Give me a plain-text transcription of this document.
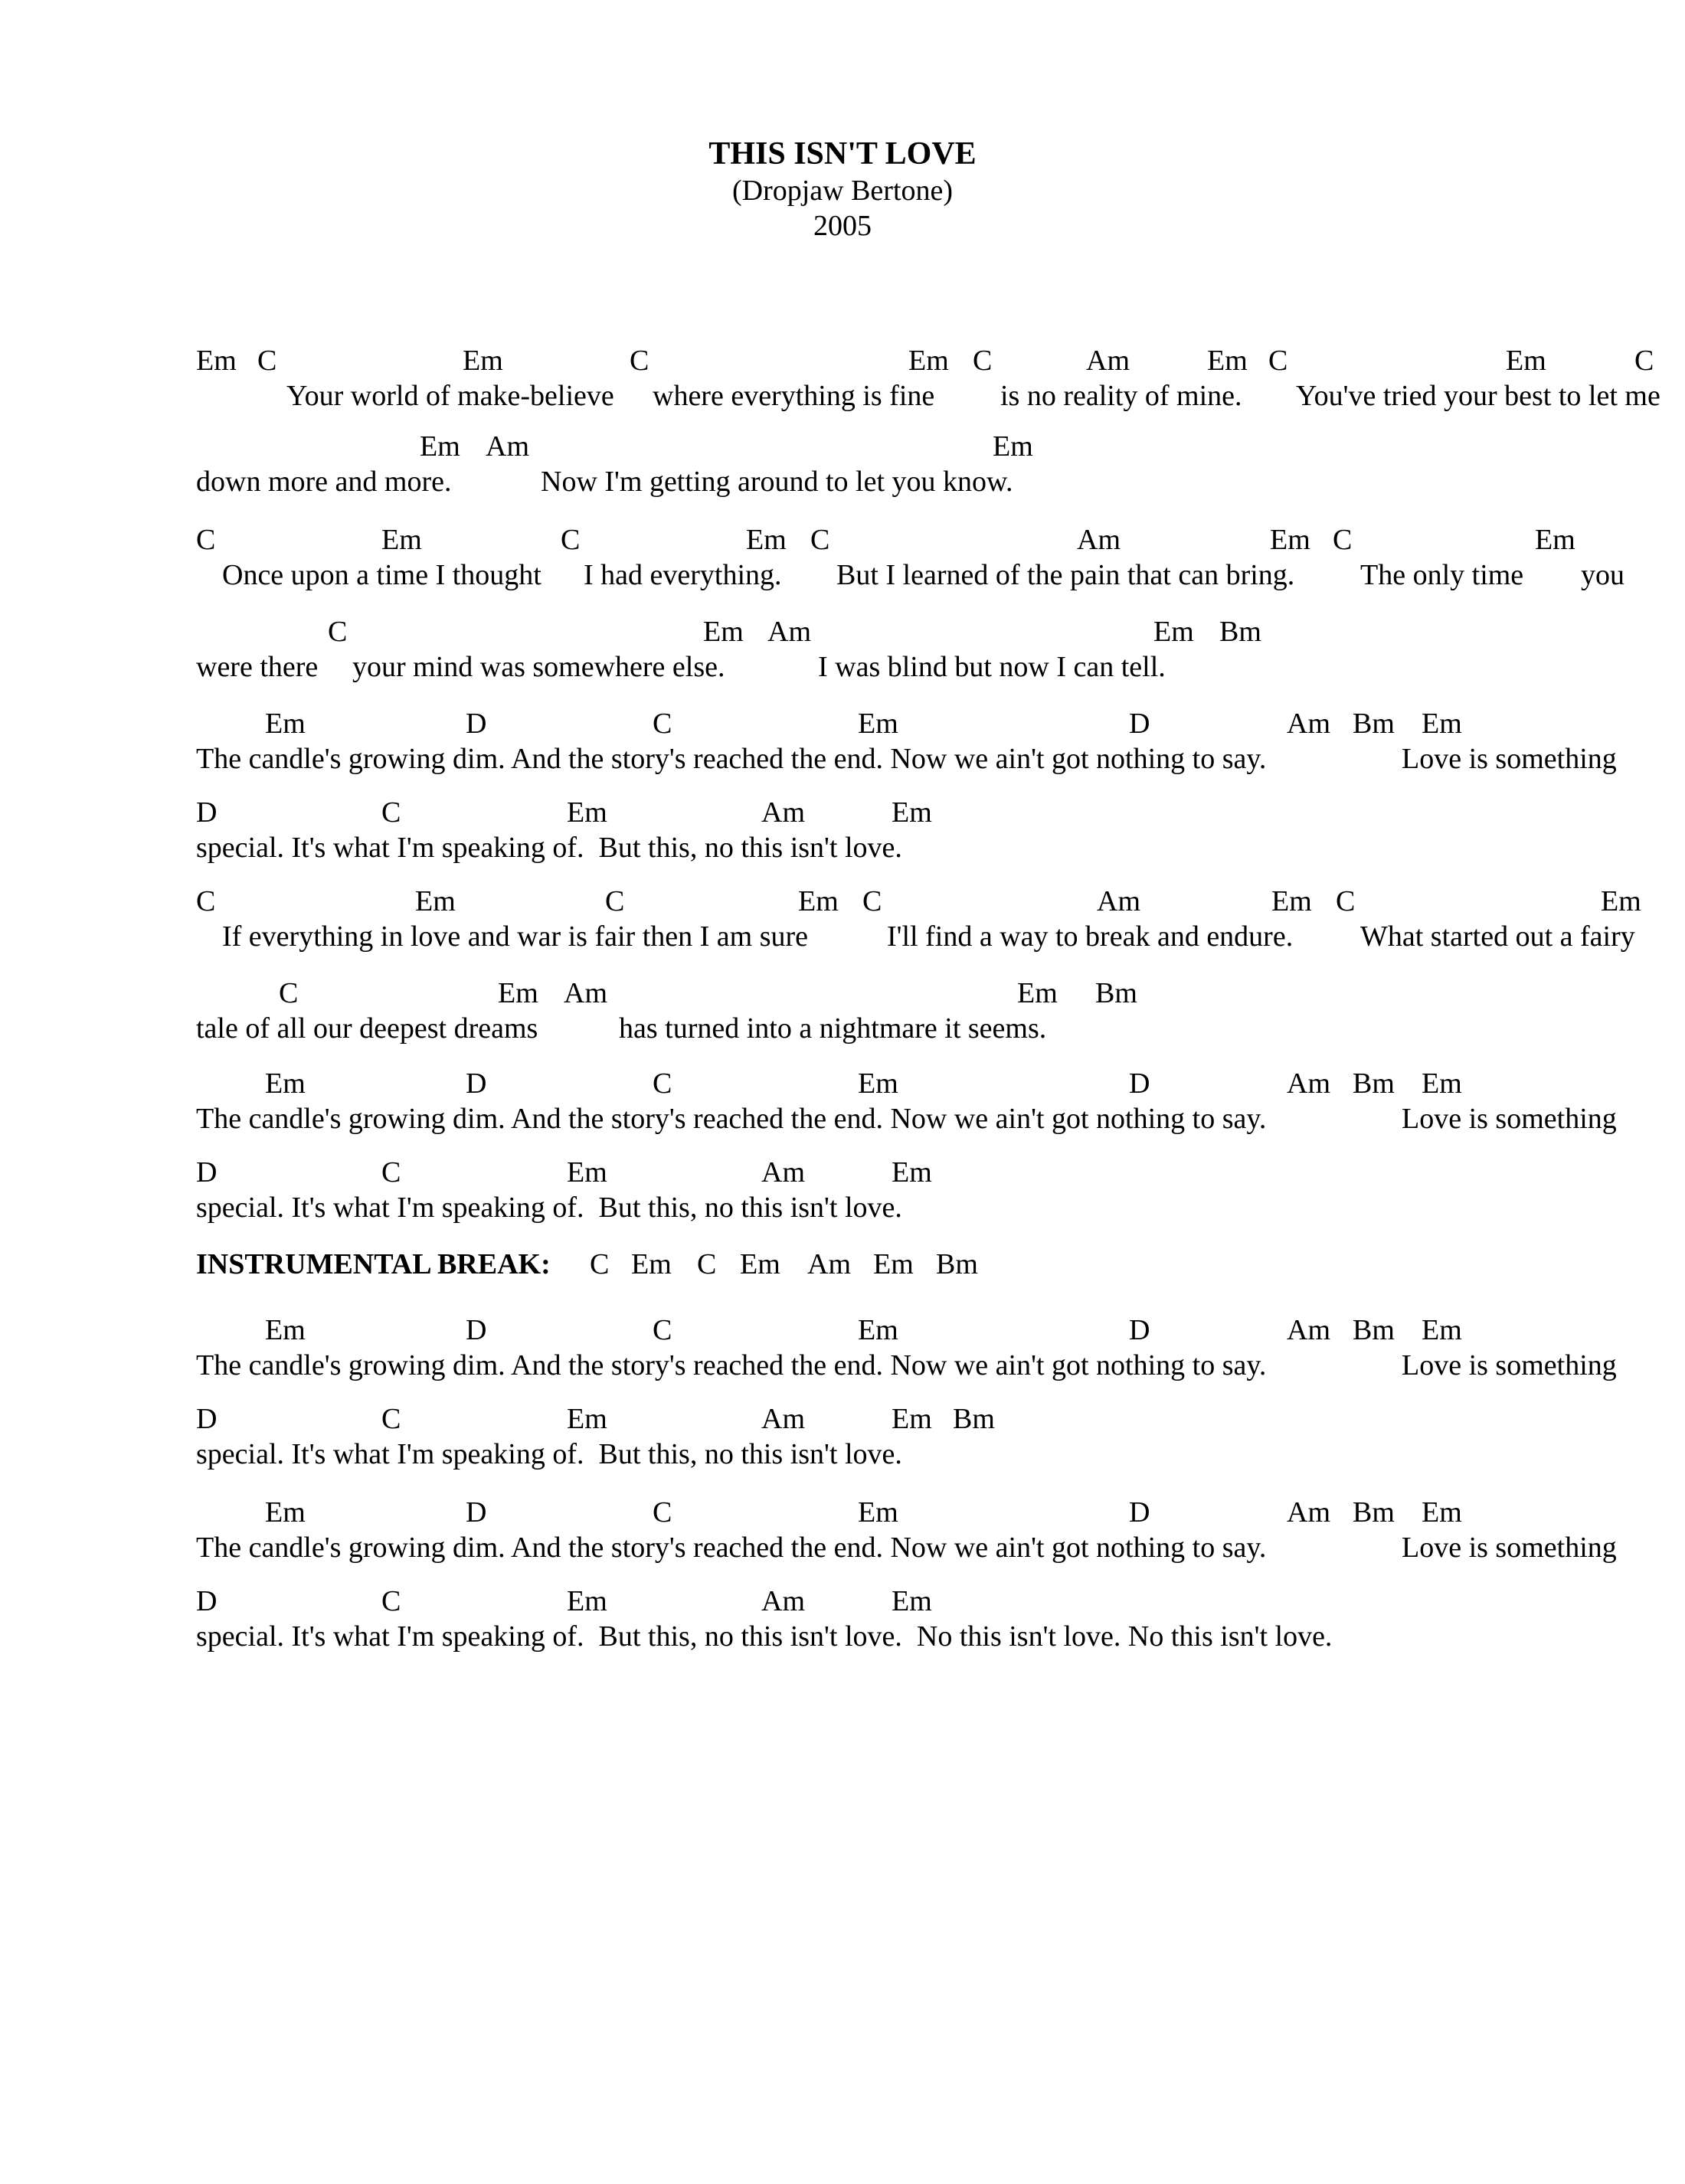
THIS ISN'T LOVE
(Dropjaw Bertone)
2005
Em C	Em	C	Em C	Am	Em C	Em	C
Your world of make-believe where everything is fine is no reality of mine. You've tried your best to let me
Em Am	Em
down more and more.	Now I'm getting around to let you know.
C	Em	C	Em C	Am	Em C	Em
Once upon a time I thought I had everything. But I learned of the pain that can bring. The only time you
C	Em Am	Em Bm
were there your mind was somewhere else.	I was blind but now I can tell.
Em	D	C	Em	D	Am Bm Em
The candle's growing dim. And the story's reached the end. Now we ain't got nothing to say.	Love is something
D	C	Em	Am	Em
special. It's what I'm speaking of.  But this, no this isn't love.
C	Em	C	Em C	Am	Em C	Em
If everything in love and war is fair then I am sure	I'll find a way to break and endure. What started out a fairy
C	Em Am	Em Bm
tale of all our deepest dreams	has turned into a nightmare it seems.
Em	D	C	Em	D	Am Bm Em
The candle's growing dim. And the story's reached the end. Now we ain't got nothing to say.	Love is something
D	C	Em	Am	Em
special. It's what I'm speaking of.  But this, no this isn't love.
INSTRUMENTAL BREAK: C Em C Em Am Em Bm
Em	D	C	Em	D	Am Bm Em
The candle's growing dim. And the story's reached the end. Now we ain't got nothing to say.	Love is something
D	C	Em	Am	Em Bm
special. It's what I'm speaking of.  But this, no this isn't love.
Em	D	C	Em	D	Am Bm Em
The candle's growing dim. And the story's reached the end. Now we ain't got nothing to say.	Love is something
D	C	Em	Am	Em
special. It's what I'm speaking of.  But this, no this isn't love.  No this isn't love. No this isn't love.
